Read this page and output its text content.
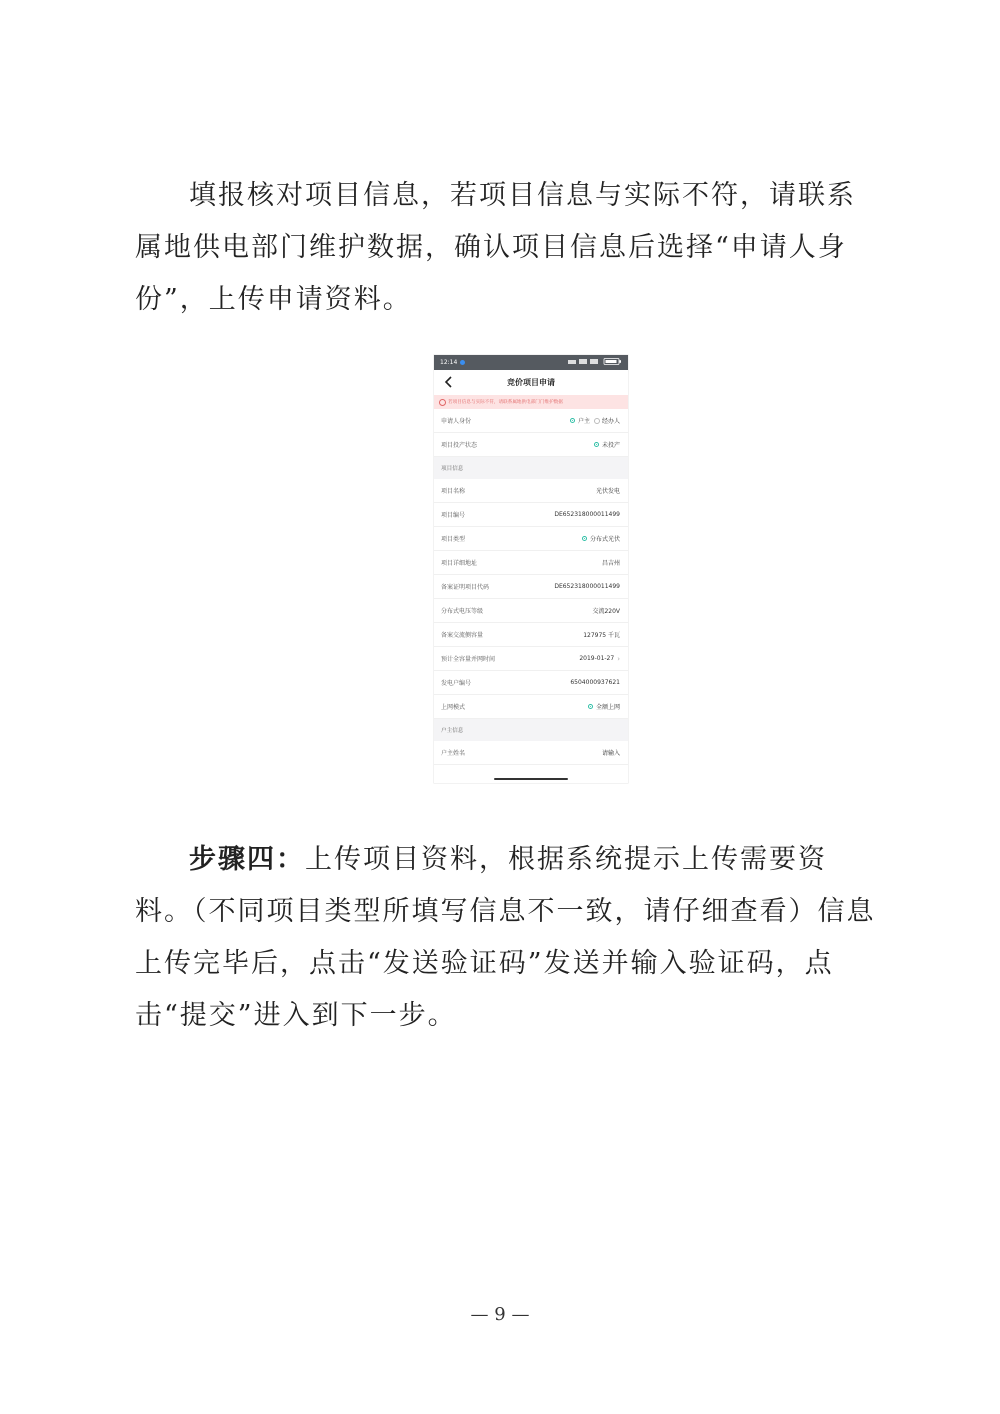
填报核对项目信息，若项目信息与实际不符，请联系属地供电部门维护数据，确认项目信息后选择“申请人身份”，上传申请资料。

12:14
竞价项目申请
若项目信息与实际不符，请联系属地供电部门门维护数据
申请人身份	户主 经办人
项目投产状态	未投产
项目信息
项目名称	光伏发电
项目编号	DE652318000011499
项目类型	分布式光伏
项目详细地址	昌吉州
备案证明项目代码	DE652318000011499
分布式电压等级	交流220V
备案交流侧容量	127975 千瓦
预计全容量并网时间	2019-01-27 ›
发电户编号	6504000937621
上网模式	全额上网
户主信息
户主姓名	请输入

步骤四：上传项目资料，根据系统提示上传需要资料。（不同项目类型所填写信息不一致，请仔细查看）信息上传完毕后，点击“发送验证码”发送并输入验证码，点击“提交”进入到下一步。

— 9 —
